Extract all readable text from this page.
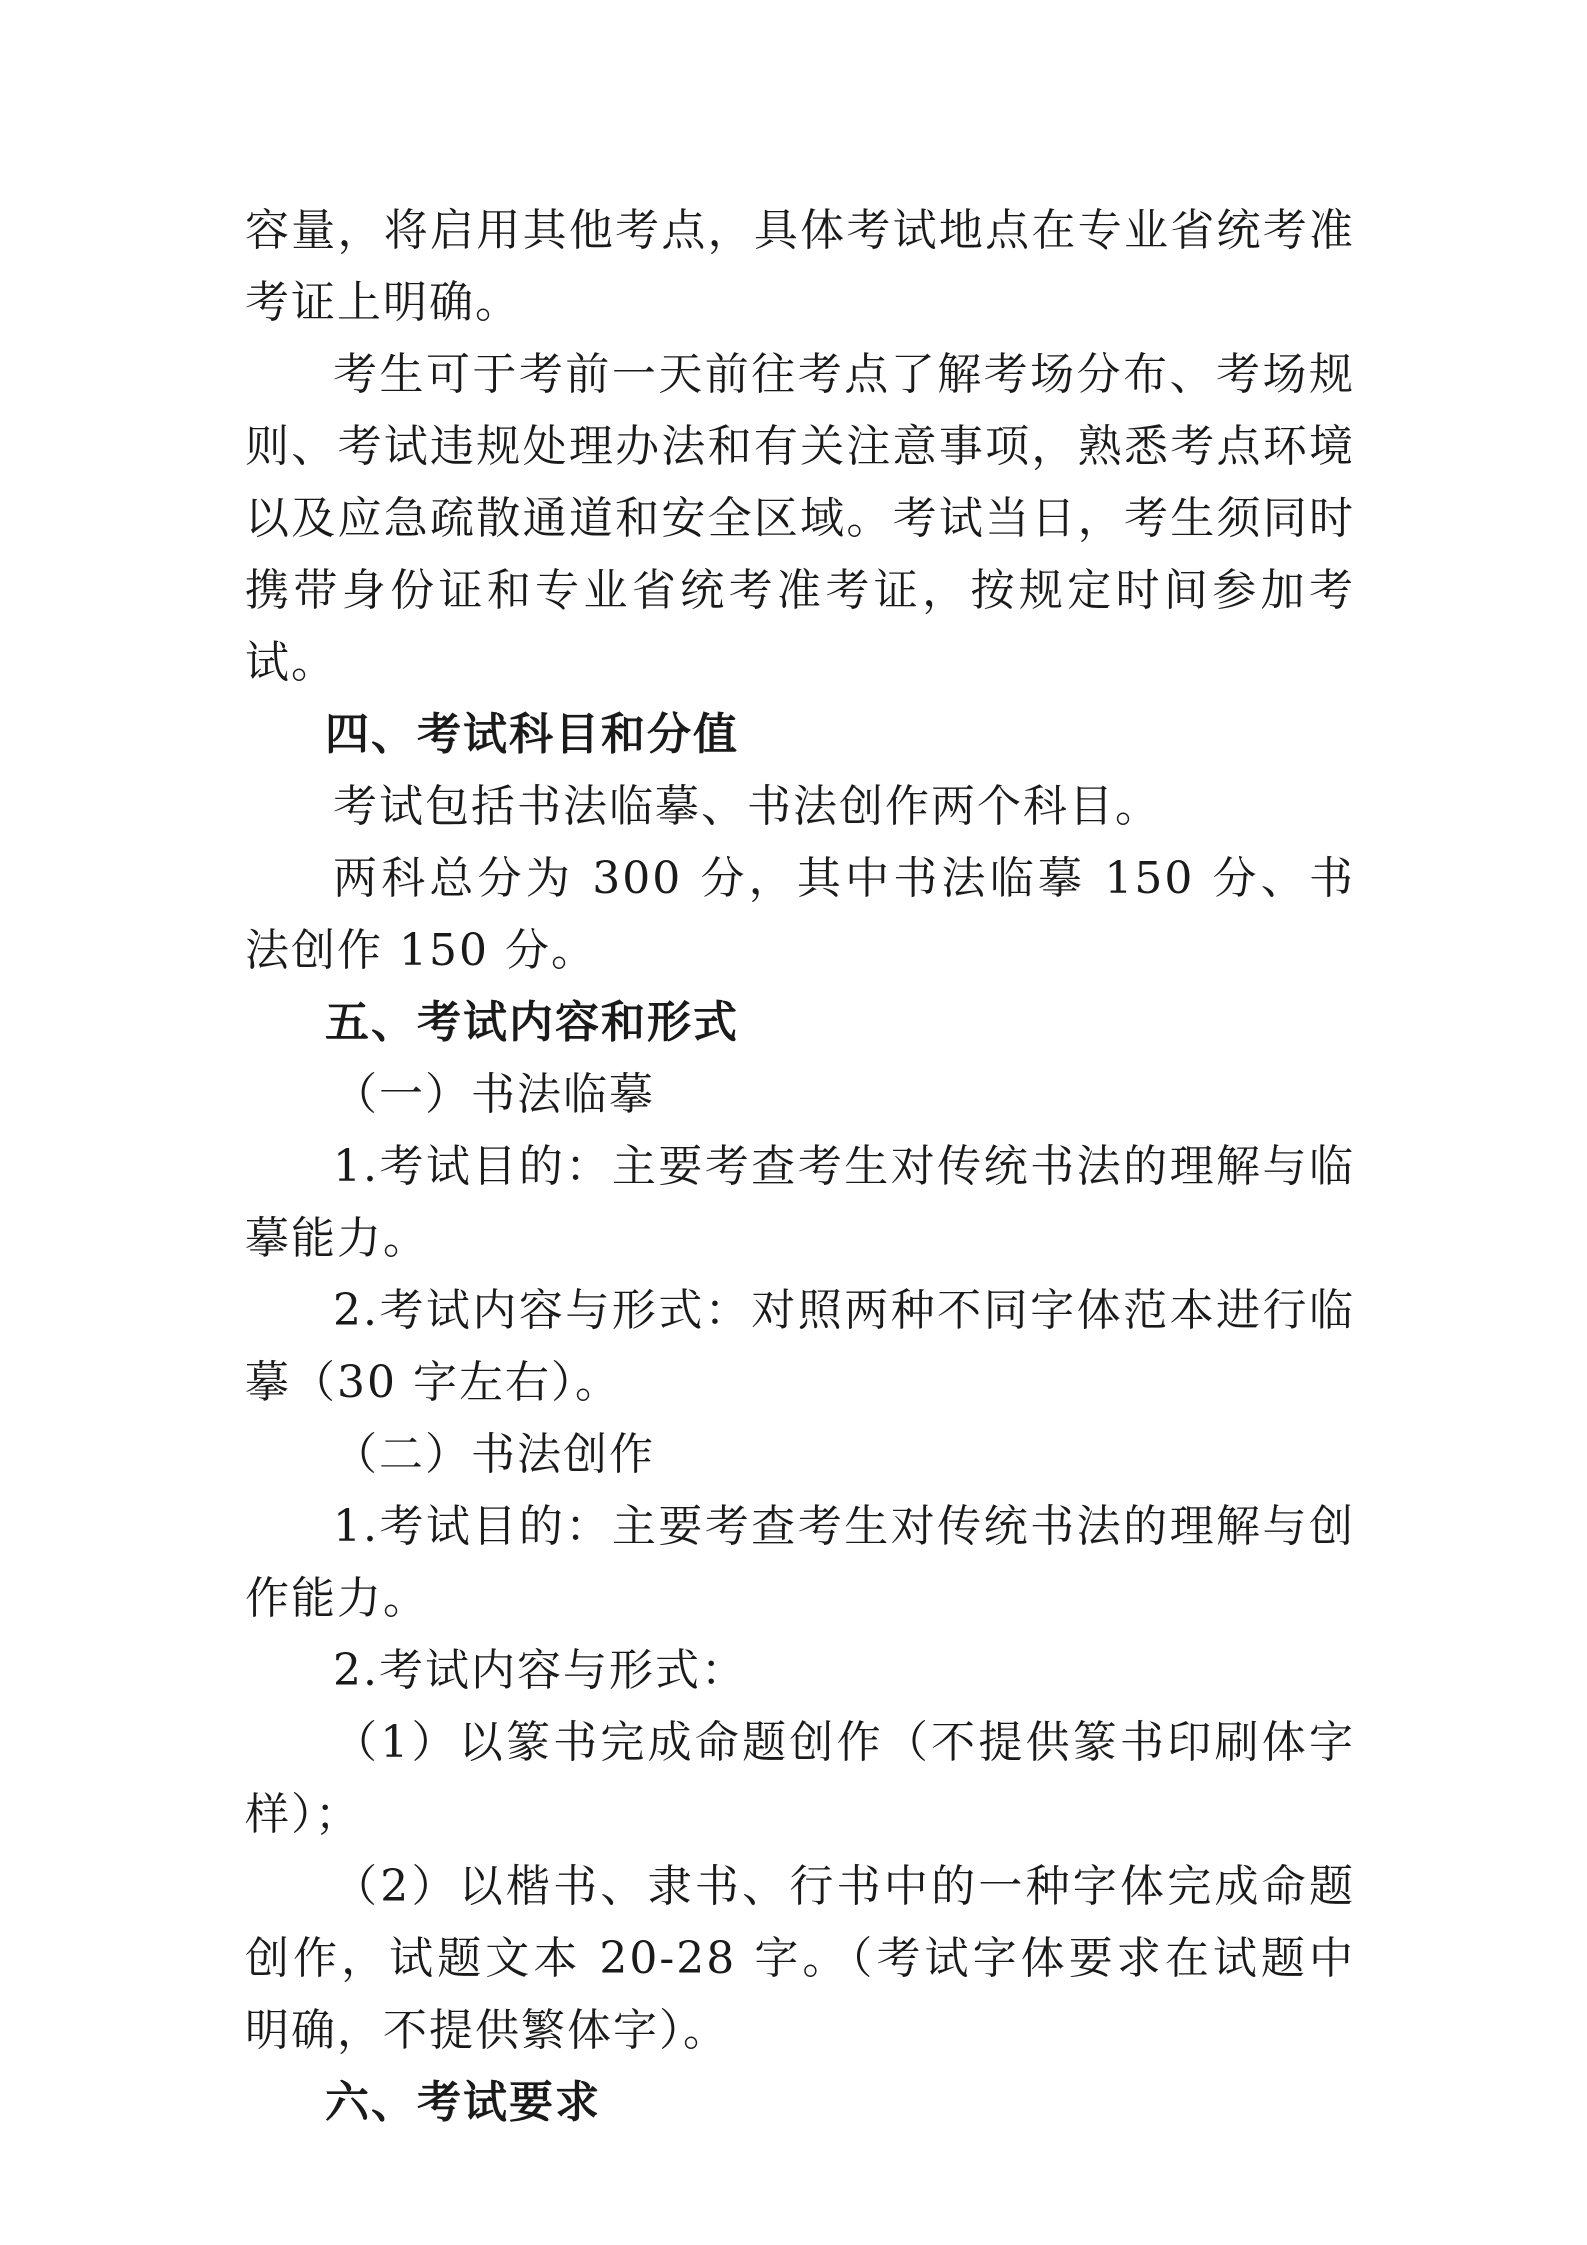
容量，将启用其他考点，具体考试地点在专业省统考准考证上明确。

考生可于考前一天前往考点了解考场分布、考场规则、考试违规处理办法和有关注意事项，熟悉考点环境以及应急疏散通道和安全区域。考试当日，考生须同时携带身份证和专业省统考准考证，按规定时间参加考试。

四、考试科目和分值

考试包括书法临摹、书法创作两个科目。

两科总分为 300 分，其中书法临摹 150 分、书法创作 150 分。

五、考试内容和形式

（一）书法临摹

1.考试目的：主要考查考生对传统书法的理解与临摹能力。

2.考试内容与形式：对照两种不同字体范本进行临摹（30 字左右）。

（二）书法创作

1.考试目的：主要考查考生对传统书法的理解与创作能力。

2.考试内容与形式：

（1）以篆书完成命题创作（不提供篆书印刷体字样）；

（2）以楷书、隶书、行书中的一种字体完成命题创作，试题文本 20-28 字。（考试字体要求在试题中明确，不提供繁体字）。

六、考试要求
